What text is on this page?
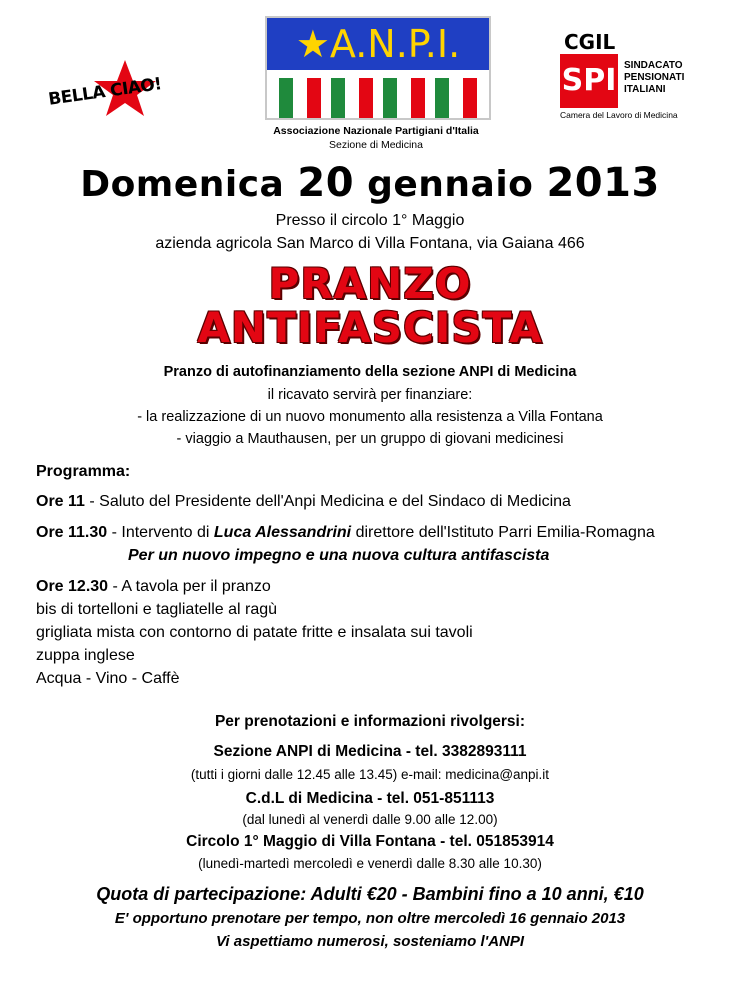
BELLA CIAO!
★A.N.P.I.
Associazione Nazionale Partigiani d'Italia
Sezione di Medicina
CGIL
SPI SINDACATO
PENSIONATI
ITALIANI
Camera del Lavoro di Medicina
Domenica 20 gennaio 2013
Presso il circolo 1° Maggio
azienda agricola San Marco di Villa Fontana, via Gaiana 466
PRANZO
ANTIFASCISTA
Pranzo di autofinanziamento della sezione ANPI di Medicina
il ricavato servirà per finanziare:
- la realizzazione di un nuovo monumento alla resistenza a Villa Fontana
- viaggio a Mauthausen, per un gruppo di giovani medicinesi
Programma:
Ore 11 - Saluto del Presidente dell'Anpi Medicina e del Sindaco di Medicina
Ore 11.30 - Intervento di Luca Alessandrini direttore dell'Istituto Parri Emilia-Romagna
Per un nuovo impegno e una nuova cultura antifascista
Ore 12.30 - A tavola per il pranzo
bis di tortelloni e tagliatelle al ragù
grigliata mista con contorno di patate fritte e insalata sui tavoli
zuppa inglese
Acqua - Vino - Caffè
Per prenotazioni e informazioni rivolgersi:
Sezione ANPI di Medicina - tel. 3382893111
(tutti i giorni dalle 12.45 alle 13.45) e-mail: medicina@anpi.it
C.d.L di Medicina - tel. 051-851113
(dal lunedì al venerdì dalle 9.00 alle 12.00)
Circolo 1° Maggio di Villa Fontana - tel. 051853914
(lunedì-martedì mercoledì e venerdì dalle 8.30 alle 10.30)
Quota di partecipazione: Adulti €20 - Bambini fino a 10 anni, €10
E' opportuno prenotare per tempo, non oltre mercoledì 16 gennaio 2013
Vi aspettiamo numerosi, sosteniamo l'ANPI
